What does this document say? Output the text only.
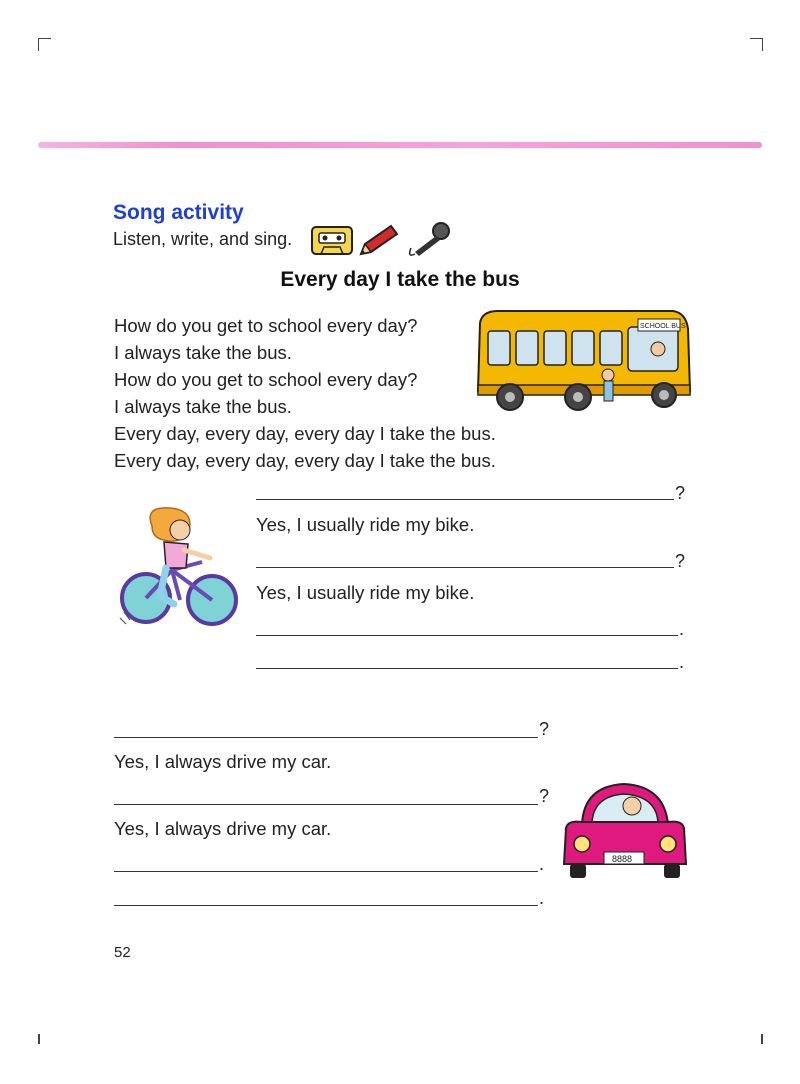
Song activity
Listen, write, and sing.
Every day I take the bus
How do you get to school every day?
I always take the bus.
How do you get to school every day?
I always take the bus.
Every day, every day, every day I take the bus.
Every day, every day, every day I take the bus.
SCHOOL BUS
?
Yes, I usually ride my bike.
?
Yes, I usually ride my bike.
.
.
?
Yes, I always drive my car.
?
Yes, I always drive my car.
.
.
8888
52
